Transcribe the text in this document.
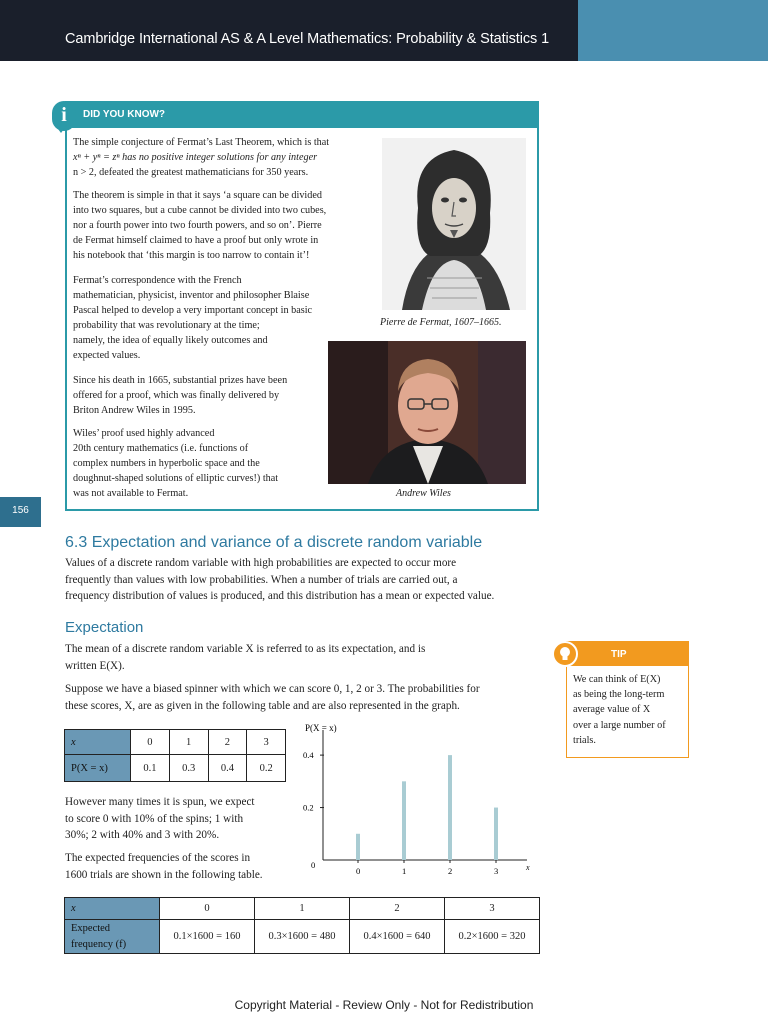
Cambridge International AS & A Level Mathematics: Probability & Statistics 1
DID YOU KNOW?
i
The simple conjecture of Fermat’s Last Theorem, which is that
xⁿ + yⁿ = zⁿ has no positive integer solutions for any integer
n > 2, defeated the greatest mathematicians for 350 years.
The theorem is simple in that it says ‘a square can be divided
into two squares, but a cube cannot be divided into two cubes,
nor a fourth power into two fourth powers, and so on’. Pierre
de Fermat himself claimed to have a proof but only wrote in
his notebook that ‘this margin is too narrow to contain it’!
Fermat’s correspondence with the French
mathematician, physicist, inventor and philosopher Blaise
Pascal helped to develop a very important concept in basic
probability that was revolutionary at the time;
namely, the idea of equally likely outcomes and
expected values.
Since his death in 1665, substantial prizes have been
offered for a proof, which was finally delivered by
Briton Andrew Wiles in 1995.
Wiles’ proof used highly advanced
20th century mathematics (i.e. functions of
complex numbers in hyperbolic space and the
doughnut-shaped solutions of elliptic curves!) that
was not available to Fermat.
Pierre de Fermat, 1607–1665.
Andrew Wiles
156
6.3 Expectation and variance of a discrete random variable
Values of a discrete random variable with high probabilities are expected to occur more
frequently than values with low probabilities. When a number of trials are carried out, a
frequency distribution of values is produced, and this distribution has a mean or expected value.
Expectation
The mean of a discrete random variable X is referred to as its expectation, and is
written E(X).
Suppose we have a biased spinner with which we can score 0, 1, 2 or 3. The probabilities for
these scores, X, are as given in the following table and are also represented in the graph.
TIP
We can think of E(X)
as being the long-term
average value of X
over a large number of
trials.
x	0	1	2	3
P(X = x)	0.1	0.3	0.4	0.2
However many times it is spun, we expect
to score 0 with 10% of the spins; 1 with
30%; 2 with 40% and 3 with 20%.
The expected frequencies of the scores in
1600 trials are shown in the following table.
P(X = x)
x
0
0.4
0.2
0	1	2	3
x	0	1	2	3

Expected
frequency (f)	0.1×1600 = 160	0.3×1600 = 480	0.4×1600 = 640	0.2×1600 = 320
Copyright Material - Review Only - Not for Redistribution
